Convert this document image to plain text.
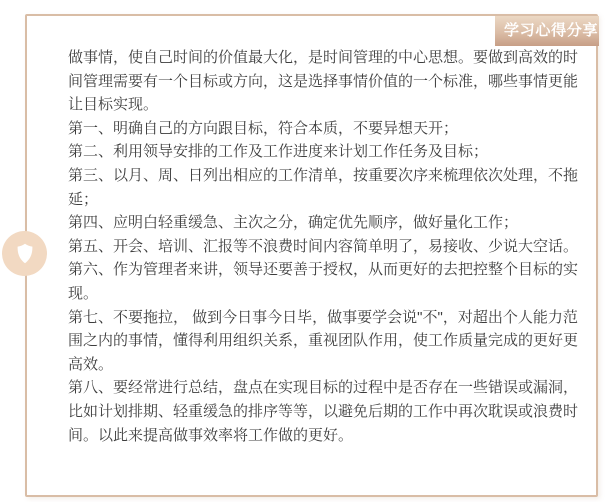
学习心得分享

做事情，使自己时间的价值最大化，是时间管理的中心思想。要做到高效的时间管理需要有一个目标或方向，这是选择事情价值的一个标准，哪些事情更能让目标实现。

第一、明确自己的方向跟目标，符合本质，不要异想天开；

第二、利用领导安排的工作及工作进度来计划工作任务及目标；

第三、以月、周、日列出相应的工作清单，按重要次序来梳理依次处理，不拖延；

第四、应明白轻重缓急、主次之分，确定优先顺序，做好量化工作；

第五、开会、培训、汇报等不浪费时间内容简单明了，易接收、少说大空话。

第六、作为管理者来讲，领导还要善于授权，从而更好的去把控整个目标的实现。

第七、不要拖拉， 做到今日事今日毕，做事要学会说"不"，对超出个人能力范围之内的事情，懂得利用组织关系，重视团队作用，使工作质量完成的更好更高效。

第八、要经常进行总结，盘点在实现目标的过程中是否存在一些错误或漏洞，比如计划排期、轻重缓急的排序等等，以避免后期的工作中再次耽误或浪费时间。以此来提高做事效率将工作做的更好。
